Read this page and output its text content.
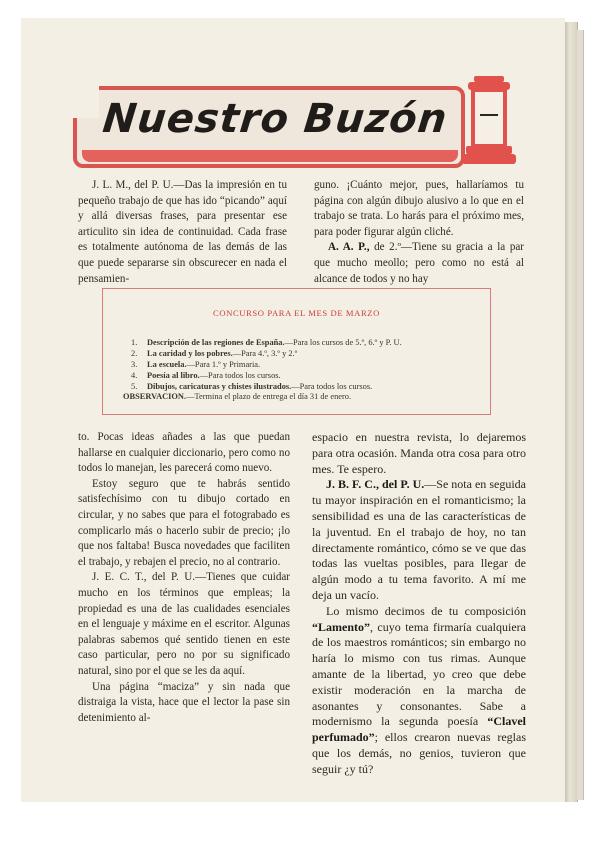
Nuestro Buzón

J. L. M., del P. U.—Das la impresión en tu pequeño trabajo de que has ido “picando” aquí y allá diversas frases, para presentar ese articulito sin idea de continuidad. Cada frase es totalmente autónoma de las demás de las que puede separarse sin obscurecer en nada el pensamien-

guno. ¡Cuánto mejor, pues, hallaríamos tu página con algún dibujo alusivo a lo que en el trabajo se trata. Lo harás para el próximo mes, para poder figurar algún cliché.

A. A. P., de 2.º—Tiene su gracia a la par que mucho meollo; pero como no está al alcance de todos y no hay

CONCURSO PARA EL MES DE MARZO
1. Descripción de las regiones de España.—Para los cursos de 5.º, 6.º y P. U.
2. La caridad y los pobres.—Para 4.º, 3.º y 2.º
3. La escuela.—Para 1.º y Primaria.
4. Poesía al libro.—Para todos los cursos.
5. Dibujos, caricaturas y chistes ilustrados.—Para todos los cursos.
OBSERVACION.—Termina el plazo de entrega el día 31 de enero.

to. Pocas ideas añades a las que puedan hallarse en cualquier diccionario, pero como no todos lo manejan, les parecerá como nuevo.

Estoy seguro que te habrás sentido satisfechísimo con tu dibujo cortado en circular, y no sabes que para el fotograbado es complicarlo más o hacerlo subir de precio; ¡lo que nos faltaba! Busca novedades que faciliten el trabajo, y rebajen el precio, no al contrario.

J. E. C. T., del P. U.—Tienes que cuidar mucho en los términos que empleas; la propiedad es una de las cualidades esenciales en el lenguaje y máxime en el escritor. Algunas palabras sabemos qué sentido tienen en este caso particular, pero no por su significado natural, sino por el que se les da aquí.

Una página “maciza” y sin nada que distraiga la vista, hace que el lector la pase sin detenimiento al-

espacio en nuestra revista, lo dejaremos para otra ocasión. Manda otra cosa para otro mes. Te espero.

J. B. F. C., del P. U.—Se nota en seguida tu mayor inspiración en el romanticismo; la sensibilidad es una de las características de la juventud. En el trabajo de hoy, no tan directamente romántico, cómo se ve que das todas las vueltas posibles, para llegar de algún modo a tu tema favorito. A mí me deja un vacío.

Lo mismo decimos de tu composición “Lamento”, cuyo tema firmaría cualquiera de los maestros románticos; sin embargo no haría lo mismo con tus rimas. Aunque amante de la libertad, yo creo que debe existir moderación en la marcha de asonantes y consonantes. Sabe a modernismo la segunda poesía “Clavel perfumado”; ellos crearon nuevas reglas que los demás, no genios, tuvieron que seguir ¿y tú?
